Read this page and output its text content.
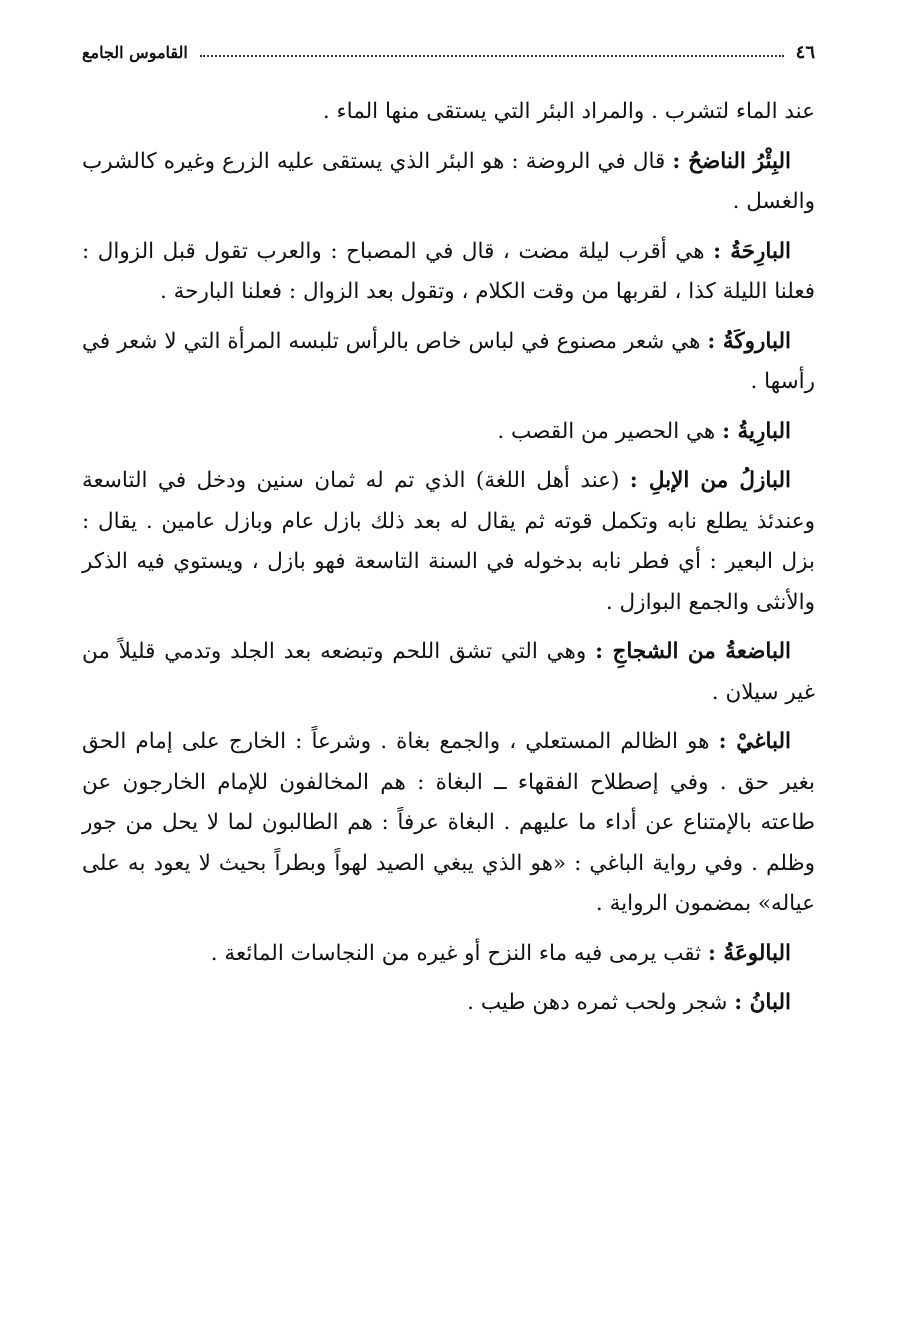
٤٦
القاموس الجامع

عند الماء لتشرب . والمراد البئر التي يستقى منها الماء .

البِئْرُ الناضحُ : قال في الروضة : هو البئر الذي يستقى عليه الزرع وغيره كالشرب والغسل .

البارِحَةُ : هي أقرب ليلة مضت ، قال في المصباح : والعرب تقول قبل الزوال : فعلنا الليلة كذا ، لقربها من وقت الكلام ، وتقول بعد الزوال : فعلنا البارحة .

الباروكَةُ : هي شعر مصنوع في لباس خاص بالرأس تلبسه المرأة التي لا شعر في رأسها .

البارِيةُ : هي الحصير من القصب .

البازلُ من الإبلِ : (عند أهل اللغة) الذي تم له ثمان سنين ودخل في التاسعة وعندئذ يطلع نابه وتكمل قوته ثم يقال له بعد ذلك بازل عام وبازل عامين . يقال : بزل البعير : أي فطر نابه بدخوله في السنة التاسعة فهو بازل ، ويستوي فيه الذكر والأنثى والجمع البوازل .

الباضعةُ من الشجاجِ : وهي التي تشق اللحم وتبضعه بعد الجلد وتدمي قليلاً من غير سيلان .

الباغيْ : هو الظالم المستعلي ، والجمع بغاة . وشرعاً : الخارج على إمام الحق بغير حق . وفي إصطلاح الفقهاء ــ البغاة : هم المخالفون للإمام الخارجون عن طاعته بالإمتناع عن أداء ما عليهم . البغاة عرفاً : هم الطالبون لما لا يحل من جور وظلم . وفي رواية الباغي : «هو الذي يبغي الصيد لهواً وبطراً بحيث لا يعود به على عياله» بمضمون الرواية .

البالوعَةُ : ثقب يرمى فيه ماء النزح أو غيره من النجاسات المائعة .

البانُ : شجر ولحب ثمره دهن طيب .
